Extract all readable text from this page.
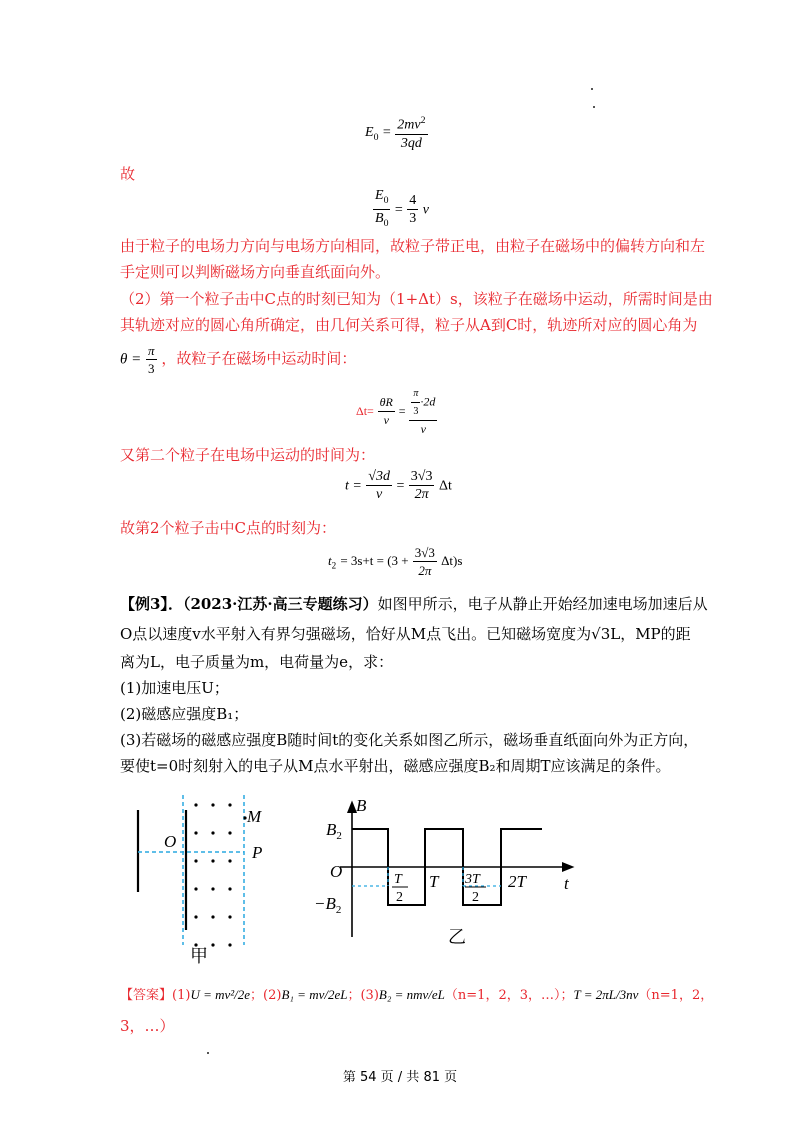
$E_0 = \frac{2mv^2}{3qd}$
故
$\frac{E_0}{B_0} = \frac{4}{3}$ v
由于粒子的电场力方向与电场方向相同，故粒子带正电，由粒子在磁场中的偏转方向和左
手定则可以判断磁场方向垂直纸面向外。
（2）第一个粒子击中C点的时刻已知为（1+Δt）s，该粒子在磁场中运动，所需时间是由
其轨迹对应的圆心角所确定，由几何关系可得，粒子从A到C时，轨迹所对应的圆心角为
$\theta = \frac{\pi}{3}$ ，故粒子在磁场中运动时间：
$\Delta t= \frac{\theta R}{v} = \frac{\frac{\pi}{3} \cdot 2d}{v}$
又第二个粒子在电场中运动的时间为：
$t = \frac{√3d}{v} = \frac{3√3}{2\pi}$ Δt
故第2个粒子击中C点的时刻为：
$t_2 = 3s+t = (3 + \frac{3√3}{2\pi} \Delta t)s$
【例3】．（2023·江苏·高三专题练习）如图甲所示，电子从静止开始经加速电场加速后从
O点以速度v水平射入有界匀强磁场，恰好从M点飞出。已知磁场宽度为√3L，MP的距
离为L，电子质量为m，电荷量为e，求：
(1)加速电压U；
(2)磁感应强度B₁；
(3)若磁场的磁感应强度B随时间t的变化关系如图乙所示，磁场垂直纸面向外为正方向，
要使t=0时刻射入的电子从M点水平射出，磁感应强度B₂和周期T应该满足的条件。
O
M
P
甲
B
t
O
$B_2$
$-B_2$
T
2
T 3T
2
2T
乙
【答案】(1)U = mv²/2e；(2)B₁ = mv/2eL；(3)B₂ = nmv/eL（n=1，2，3，…）；T = 2πL/3nv（n=1，2，
3，…）
第 54 页 / 共 81 页
